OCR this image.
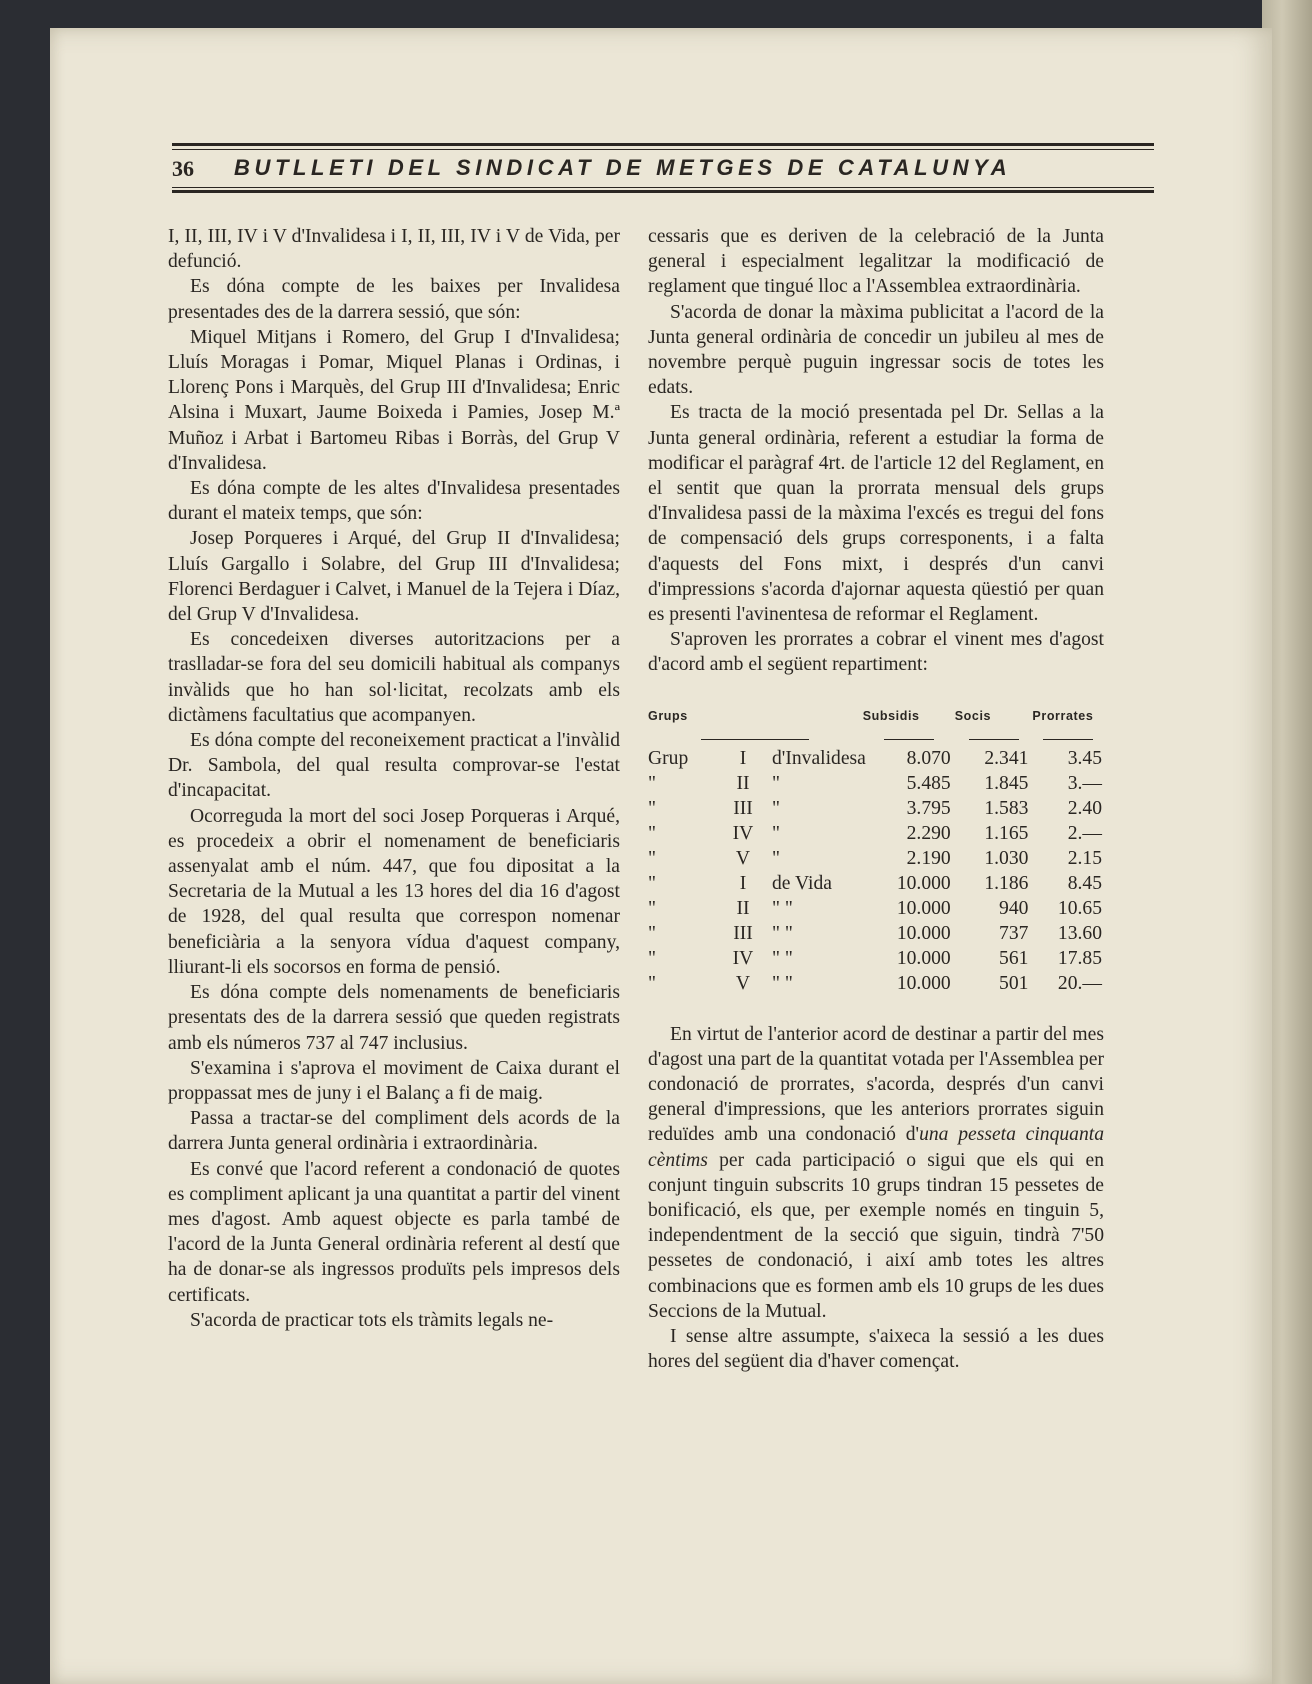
36 BUTLLETI DEL SINDICAT DE METGES DE CATALUNYA

I, II, III, IV i V d'Invalidesa i I, II, III, IV i V de Vida, per defunció.

Es dóna compte de les baixes per Invalidesa presentades des de la darrera sessió, que són:

Miquel Mitjans i Romero, del Grup I d'Invalidesa; Lluís Moragas i Pomar, Miquel Planas i Ordinas, i Llorenç Pons i Marquès, del Grup III d'Invalidesa; Enric Alsina i Muxart, Jaume Boixeda i Pamies, Josep M.ª Muñoz i Arbat i Bartomeu Ribas i Borràs, del Grup V d'Invalidesa.

Es dóna compte de les altes d'Invalidesa presentades durant el mateix temps, que són:

Josep Porqueres i Arqué, del Grup II d'Invalidesa; Lluís Gargallo i Solabre, del Grup III d'Invalidesa; Florenci Berdaguer i Calvet, i Manuel de la Tejera i Díaz, del Grup V d'Invalidesa.

Es concedeixen diverses autoritzacions per a traslladar-se fora del seu domicili habitual als companys invàlids que ho han sol·licitat, recolzats amb els dictàmens facultatius que acompanyen.

Es dóna compte del reconeixement practicat a l'invàlid Dr. Sambola, del qual resulta comprovar-se l'estat d'incapacitat.

Ocorreguda la mort del soci Josep Porqueras i Arqué, es procedeix a obrir el nomenament de beneficiaris assenyalat amb el núm. 447, que fou dipositat a la Secretaria de la Mutual a les 13 hores del dia 16 d'agost de 1928, del qual resulta que correspon nomenar beneficiària a la senyora vídua d'aquest company, lliurant-li els socorsos en forma de pensió.

Es dóna compte dels nomenaments de beneficiaris presentats des de la darrera sessió que queden registrats amb els números 737 al 747 inclusius.

S'examina i s'aprova el moviment de Caixa durant el proppassat mes de juny i el Balanç a fi de maig.

Passa a tractar-se del compliment dels acords de la darrera Junta general ordinària i extraordinària.

Es convé que l'acord referent a condonació de quotes es compliment aplicant ja una quantitat a partir del vinent mes d'agost. Amb aquest objecte es parla també de l'acord de la Junta General ordinària referent al destí que ha de donar-se als ingressos produïts pels impresos dels certificats.

S'acorda de practicar tots els tràmits legals ne-

cessaris que es deriven de la celebració de la Junta general i especialment legalitzar la modificació de reglament que tingué lloc a l'Assemblea extraordinària.

S'acorda de donar la màxima publicitat a l'acord de la Junta general ordinària de concedir un jubileu al mes de novembre perquè puguin ingressar socis de totes les edats.

Es tracta de la moció presentada pel Dr. Sellas a la Junta general ordinària, referent a estudiar la forma de modificar el paràgraf 4rt. de l'article 12 del Reglament, en el sentit que quan la prorrata mensual dels grups d'Invalidesa passi de la màxima l'excés es tregui del fons de compensació dels grups corresponents, i a falta d'aquests del Fons mixt, i després d'un canvi d'impressions s'acorda d'ajornar aquesta qüestió per quan es presenti l'avinentesa de reformar el Reglament.

S'aproven les prorrates a cobrar el vinent mes d'agost d'acord amb el següent repartiment:

Grups	Subsidis	Socis	Prorrates

Grup I d'Invalidesa	8.070	2.341	3.45
" II "	5.485	1.845	3.—
" III "	3.795	1.583	2.40
" IV "	2.290	1.165	2.—
" V "	2.190	1.030	2.15
" I de Vida	10.000	1.186	8.45
" II " "	10.000	940	10.65
" III " "	10.000	737	13.60
" IV " "	10.000	561	17.85
" V " "	10.000	501	20.—

En virtut de l'anterior acord de destinar a partir del mes d'agost una part de la quantitat votada per l'Assemblea per condonació de prorrates, s'acorda, després d'un canvi general d'impressions, que les anteriors prorrates siguin reduïdes amb una condonació d'una pesseta cinquanta cèntims per cada participació o sigui que els qui en conjunt tinguin subscrits 10 grups tindran 15 pessetes de bonificació, els que, per exemple només en tinguin 5, independentment de la secció que siguin, tindrà 7'50 pessetes de condonació, i així amb totes les altres combinacions que es formen amb els 10 grups de les dues Seccions de la Mutual.

I sense altre assumpte, s'aixeca la sessió a les dues hores del següent dia d'haver començat.
